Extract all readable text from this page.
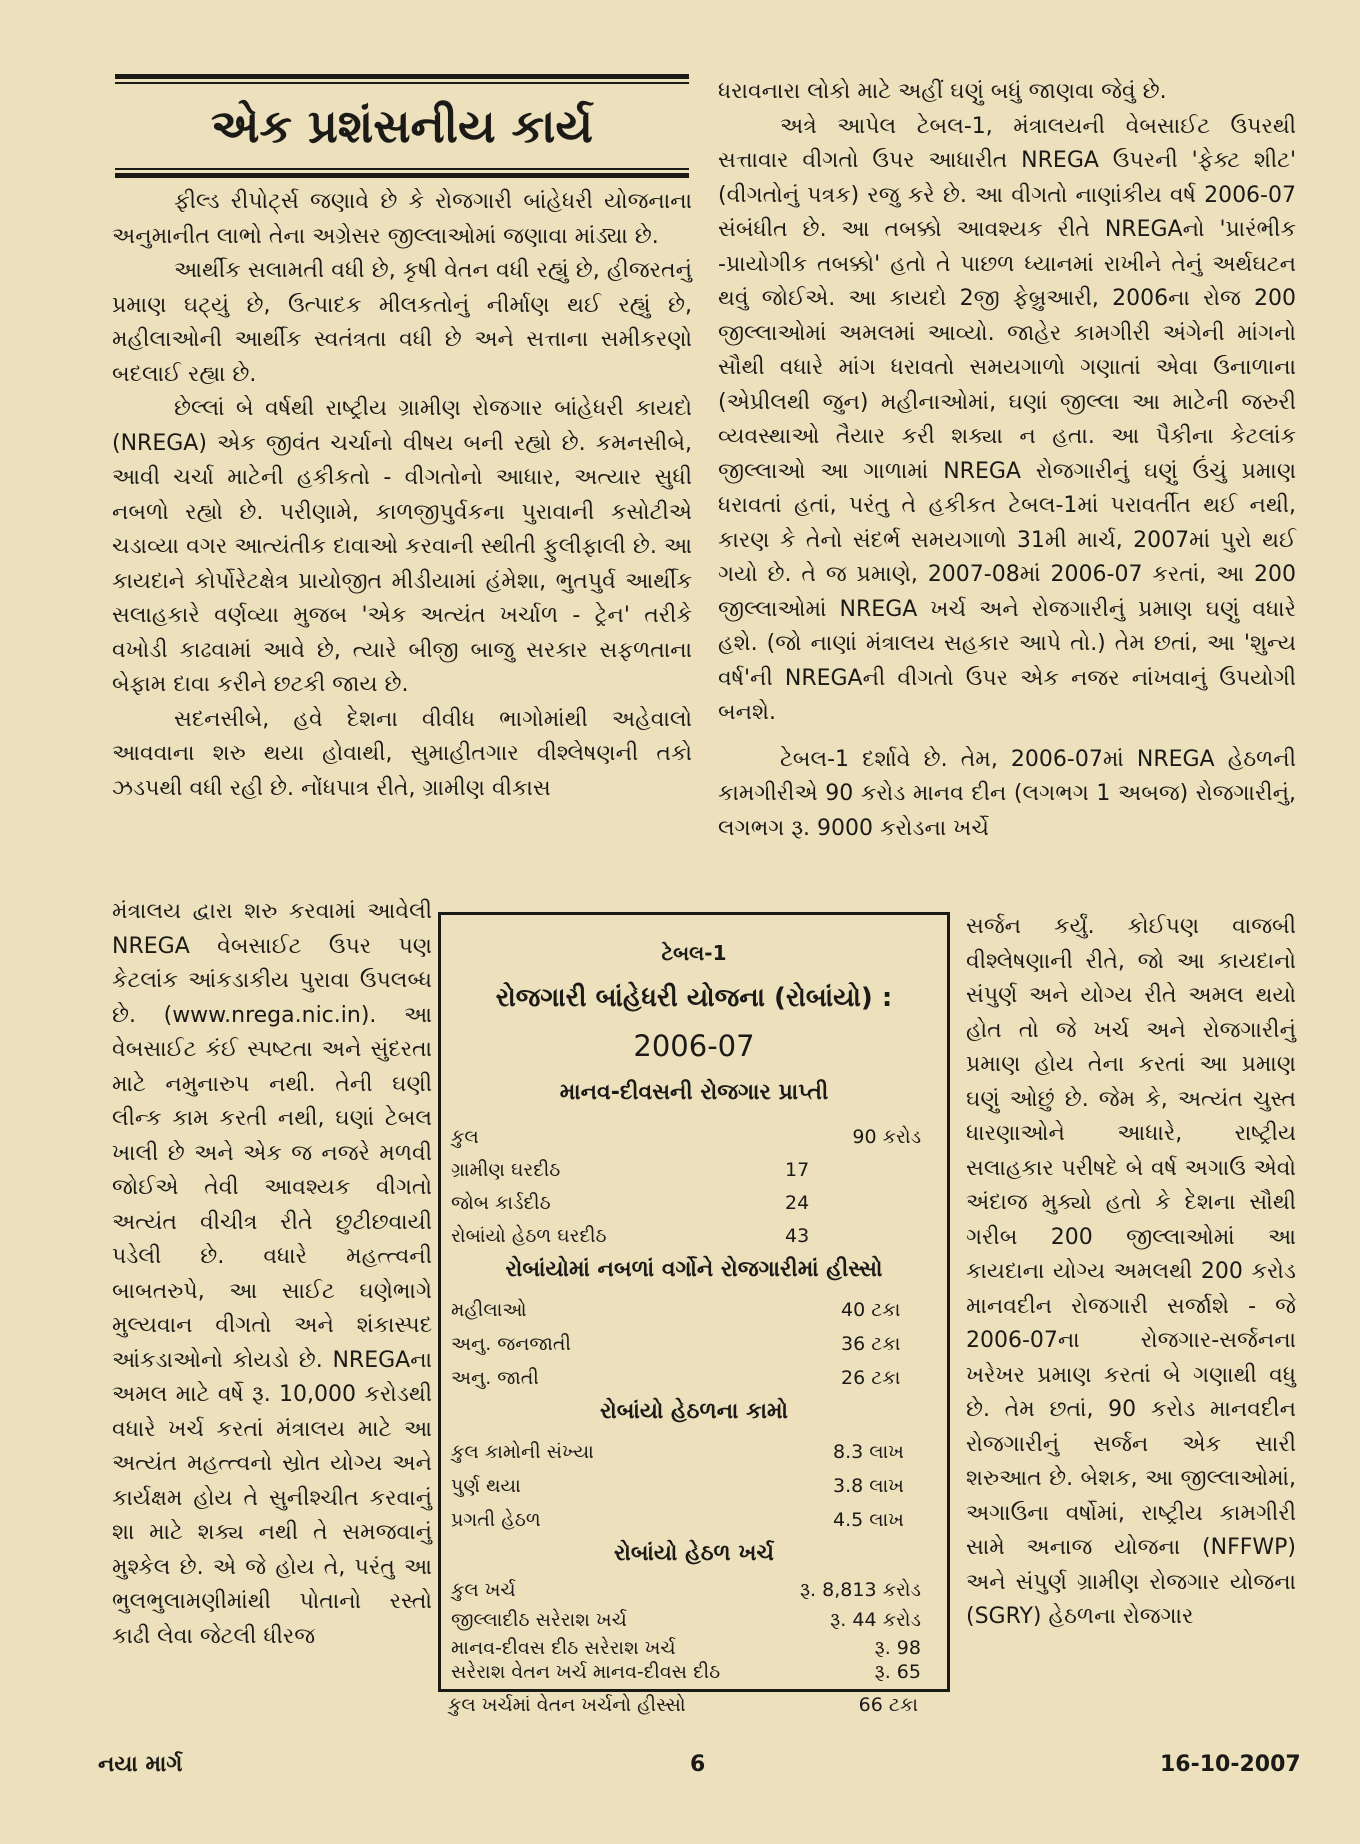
એક પ્રશંસનીય કાર્ય

ફીલ્ડ રીપોર્ટ્સ જણાવે છે કે રોજગારી બાંહેધરી યોજનાના અનુમાનીત લાભો તેના અગ્રેસર જીલ્લાઓમાં જણાવા માંડ્યા છે.

આર્થીક સલામતી વધી છે, કૃષી વેતન વધી રહ્યું છે, હીજરતનું પ્રમાણ ઘટ્યું છે, ઉત્પાદક મીલકતોનું નીર્માણ થઈ રહ્યું છે, મહીલાઓની આર્થીક સ્વતંત્રતા વધી છે અને સત્તાના સમીકરણો બદલાઈ રહ્યા છે.

છેલ્લાં બે વર્ષથી રાષ્ટ્રીય ગ્રામીણ રોજગાર બાંહેધરી કાયદો (NREGA) એક જીવંત ચર્ચાનો વીષય બની રહ્યો છે. કમનસીબે, આવી ચર્ચા માટેની હકીકતો - વીગતોનો આધાર, અત્યાર સુધી નબળો રહ્યો છે. પરીણામે, કાળજીપુર્વકના પુરાવાની કસોટીએ ચડાવ્યા વગર આત્યંતીક દાવાઓ કરવાની સ્થીતી ફુલીફાલી છે. આ કાયદાને કોર્પોરેટક્ષેત્ર પ્રાયોજીત મીડીયામાં હંમેશા, ભુતપુર્વ આર્થીક સલાહકારે વર્ણવ્યા મુજબ 'એક અત્યંત ખર્ચાળ - ટ્રેન' તરીકે વખોડી કાઢવામાં આવે છે, ત્યારે બીજી બાજુ સરકાર સફળતાના બેફામ દાવા કરીને છટકી જાય છે.

સદનસીબે, હવે દેશના વીવીધ ભાગોમાંથી અહેવાલો આવવાના શરુ થયા હોવાથી, સુમાહીતગાર વીશ્લેષણની તકો ઝડપથી વધી રહી છે. નોંધપાત્ર રીતે, ગ્રામીણ વીકાસ

મંત્રાલય દ્વારા શરુ કરવામાં આવેલી NREGA વેબસાઈટ ઉપર પણ કેટલાંક આંકડાકીય પુરાવા ઉપલબ્ધ છે. (www.nrega.nic.in). આ વેબસાઈટ કંઈ સ્પષ્ટતા અને સુંદરતા માટે નમુનારુપ નથી. તેની ઘણી લીન્ક કામ કરતી નથી, ઘણાં ટેબલ ખાલી છે અને એક જ નજરે મળવી જોઈએ તેવી આવશ્યક વીગતો અત્યંત વીચીત્ર રીતે છુટીછવાયી પડેલી છે. વધારે મહત્ત્વની બાબતરુપે, આ સાઈટ ઘણેભાગે મુલ્યવાન વીગતો અને શંકાસ્પદ આંકડાઓનો કોયડો છે. NREGAના અમલ માટે વર્ષે રૂ. 10,000 કરોડથી વધારે ખર્ચ કરતાં મંત્રાલય માટે આ અત્યંત મહત્ત્વનો સ્રોત યોગ્ય અને કાર્યક્ષમ હોય તે સુનીશ્ચીત કરવાનું શા માટે શક્ય નથી તે સમજવાનું મુશ્કેલ છે. એ જે હોય તે, પરંતુ આ ભુલભુલામણીમાંથી પોતાનો રસ્તો કાઢી લેવા જેટલી ધીરજ

ધરાવનારા લોકો માટે અહીં ઘણું બધું જાણવા જેવું છે.

અત્રે આપેલ ટેબલ-1, મંત્રાલયની વેબસાઈટ ઉપરથી સત્તાવાર વીગતો ઉપર આધારીત NREGA ઉપરની 'ફેક્ટ શીટ' (વીગતોનું પત્રક) રજુ કરે છે. આ વીગતો નાણાંકીય વર્ષ 2006-07 સંબંધીત છે. આ તબક્કો આવશ્યક રીતે NREGAનો 'પ્રારંભીક -પ્રાયોગીક તબક્કો' હતો તે પાછળ ધ્યાનમાં રાખીને તેનું અર્થઘટન થવું જોઈએ. આ કાયદો 2જી ફેબ્રુઆરી, 2006ના રોજ 200 જીલ્લાઓમાં અમલમાં આવ્યો. જાહેર કામગીરી અંગેની માંગનો સૌથી વધારે માંગ ધરાવતો સમયગાળો ગણાતાં એવા ઉનાળાના (એપ્રીલથી જુન) મહીનાઓમાં, ઘણાં જીલ્લા આ માટેની જરુરી વ્યવસ્થાઓ તૈયાર કરી શક્યા ન હતા. આ પૈકીના કેટલાંક જીલ્લાઓ આ ગાળામાં NREGA રોજગારીનું ઘણું ઉંચું પ્રમાણ ધરાવતાં હતાં, પરંતુ તે હકીકત ટેબલ-1માં પરાવર્તીત થઈ નથી, કારણ કે તેનો સંદર્ભ સમયગાળો 31મી માર્ચ, 2007માં પુરો થઈ ગયો છે. તે જ પ્રમાણે, 2007-08માં 2006-07 કરતાં, આ 200 જીલ્લાઓમાં NREGA ખર્ચ અને રોજગારીનું પ્રમાણ ઘણું વધારે હશે. (જો નાણાં મંત્રાલય સહકાર આપે તો.) તેમ છતાં, આ 'શુન્ય વર્ષ'ની NREGAની વીગતો ઉપર એક નજર નાંખવાનું ઉપયોગી બનશે.

ટેબલ-1 દર્શાવે છે. તેમ, 2006-07માં NREGA હેઠળની કામગીરીએ 90 કરોડ માનવ દીન (લગભગ 1 અબજ) રોજગારીનું, લગભગ રૂ. 9000 કરોડના ખર્ચે

સર્જન કર્યું. કોઈપણ વાજબી વીશ્લેષણાની રીતે, જો આ કાયદાનો સંપુર્ણ અને યોગ્ય રીતે અમલ થયો હોત તો જે ખર્ચ અને રોજગારીનું પ્રમાણ હોય તેના કરતાં આ પ્રમાણ ઘણું ઓછું છે. જેમ કે, અત્યંત ચુસ્ત ધારણાઓને આધારે, રાષ્ટ્રીય સલાહકાર પરીષદે બે વર્ષ અગાઉ એવો અંદાજ મુક્યો હતો કે દેશના સૌથી ગરીબ 200 જીલ્લાઓમાં આ કાયદાના યોગ્ય અમલથી 200 કરોડ માનવદીન રોજગારી સર્જાશે - જે 2006-07ના રોજગાર-સર્જનના ખરેખર પ્રમાણ કરતાં બે ગણાથી વધુ છે. તેમ છતાં, 90 કરોડ માનવદીન રોજગારીનું સર્જન એક સારી શરુઆત છે. બેશક, આ જીલ્લાઓમાં, અગાઉના વર્ષોમાં, રાષ્ટ્રીય કામગીરી સામે અનાજ યોજના (NFFWP) અને સંપુર્ણ ગ્રામીણ રોજગાર યોજના (SGRY) હેઠળના રોજગાર

ટેબલ-1
રોજગારી બાંહેધરી યોજના (રોબાંયો) :
2006-07
માનવ-દીવસની રોજગાર પ્રાપ્તી
કુલ	90 કરોડ
ગ્રામીણ ઘરદીઠ	17
જોબ કાર્ડદીઠ	24
રોબાંયો હેઠળ ઘરદીઠ	43
રોબાંયોમાં નબળાં વર્ગોને રોજગારીમાં હીસ્સો
મહીલાઓ	40 ટકા
અનુ. જનજાતી	36 ટકા
અનુ. જાતી	26 ટકા
રોબાંયો હેઠળના કામો
કુલ કામોની સંખ્યા	8.3 લાખ
પુર્ણ થયા	3.8 લાખ
પ્રગતી હેઠળ	4.5 લાખ
રોબાંયો હેઠળ ખર્ચ
કુલ ખર્ચ	રૂ. 8,813 કરોડ
જીલ્લાદીઠ સરેરાશ ખર્ચ	રૂ. 44 કરોડ
માનવ-દીવસ દીઠ સરેરાશ ખર્ચ	રૂ. 98
સરેરાશ વેતન ખર્ચ માનવ-દીવસ દીઠ	રૂ. 65
કુલ ખર્ચમાં વેતન ખર્ચનો હીસ્સો	66 ટકા
નયા માર્ગ	6	16-10-2007
